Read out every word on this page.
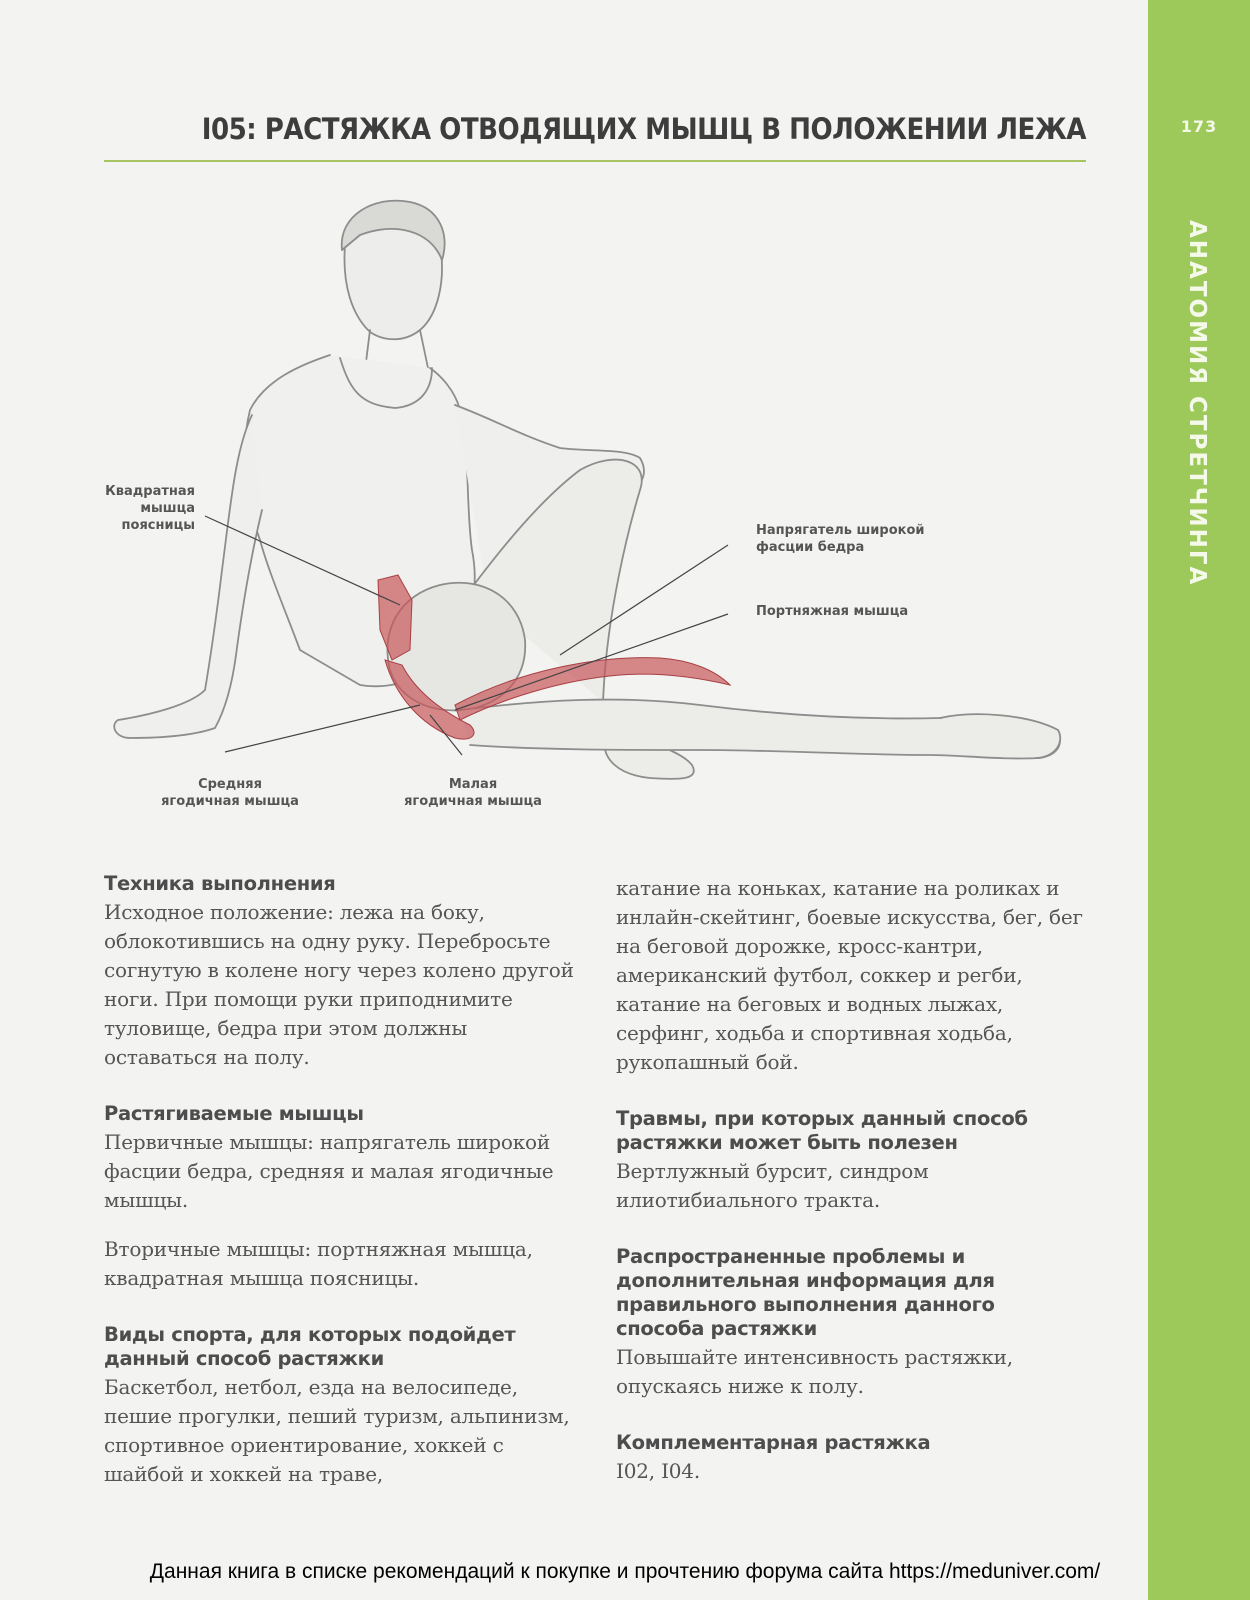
173
АНАТОМИЯ СТРЕТЧИНГА
I05: РАСТЯЖКА ОТВОДЯЩИХ МЫШЦ В ПОЛОЖЕНИИ ЛЕЖА
Квадратная
мышца
поясницы	Напрягатель широкой
фасции бедра
Портняжная мышца
Средняя
ягодичная мышца
Малая
ягодичная мышца
Техника выполнения

Исходное положение: лежа на боку, облокотившись на одну руку. Перебросьте согнутую в колене ногу через колено другой ноги. При помощи руки приподнимите туловище, бедра при этом должны оставаться на полу.

Растягиваемые мышцы

Первичные мышцы: напрягатель широкой фасции бедра, средняя и малая ягодичные мышцы.

Вторичные мышцы: портняжная мышца, квадратная мышца поясницы.

Виды спорта, для которых подойдет данный способ растяжки

Баскетбол, нетбол, езда на велосипеде, пешие прогулки, пеший туризм, альпинизм, спортивное ориентирование, хоккей с шайбой и хоккей на траве,

катание на коньках, катание на роликах и инлайн-скейтинг, боевые искусства, бег, бег на беговой дорожке, кросс-кантри, американский футбол, соккер и регби, катание на беговых и водных лыжах, серфинг, ходьба и спортивная ходьба, рукопашный бой.

Травмы, при которых данный способ растяжки может быть полезен

Вертлужный бурсит, синдром илиотибиального тракта.

Распространенные проблемы и дополнительная информация для правильного выполнения данного способа растяжки

Повышайте интенсивность растяжки, опускаясь ниже к полу.

Комплементарная растяжка

I02, I04.

Данная книга в списке рекомендаций к покупке и прочтению форума сайта https://meduniver.com/
